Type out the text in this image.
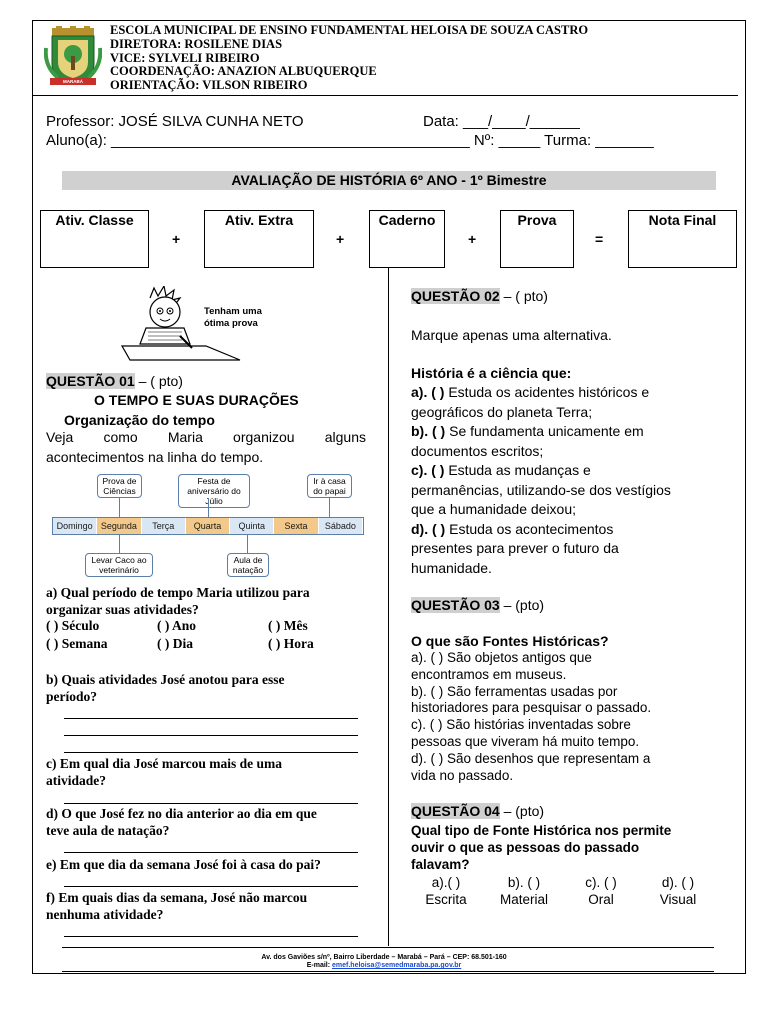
MARABÁ
ESCOLA MUNICIPAL DE ENSINO FUNDAMENTAL HELOISA DE SOUZA CASTRO
DIRETORA: ROSILENE DIAS
VICE: SYLVELI RIBEIRO
COORDENAÇÃO: ANAZION ALBUQUERQUE
ORIENTAÇÃO: VILSON RIBEIRO
Professor: JOSÉ SILVA CUNHA NETO	Data: ___/____/______
Aluno(a): ___________________________________________ Nº: _____ Turma: _______
AVALIAÇÃO DE HISTÓRIA 6º ANO - 1º Bimestre
Ativ. Classe
+
Ativ. Extra
+
Caderno
+
Prova
=
Nota Final
Tenham uma
ótima prova
QUESTÃO 01 – ( pto)
O TEMPO E SUAS DURAÇÕES
Organização do tempo
Veja como Maria organizou alguns
acontecimentos na linha do tempo.
Prova de Ciências
Festa de aniversário do Júlio
Ir à casa do papai
Domingo Segunda	Terça	Quarta	Quinta	Sexta	Sábado
Levar Caco ao veterinário
Aula de natação
a) Qual período de tempo Maria utilizou para
organizar suas atividades?
( ) Século	( ) Ano	( ) Mês
( ) Semana	( ) Dia	( ) Hora
b) Quais atividades José anotou para esse
período?
c) Em qual dia José marcou mais de uma
atividade?
d) O que José fez no dia anterior ao dia em que
teve aula de natação?
e) Em que dia da semana José foi à casa do pai?
f) Em quais dias da semana, José não marcou
nenhuma atividade?
QUESTÃO 02 – ( pto)
Marque apenas uma alternativa.
História é a ciência que:
a). ( ) Estuda os acidentes históricos e
geográficos do planeta Terra;
b). ( ) Se fundamenta unicamente em
documentos escritos;
c). ( ) Estuda as mudanças e
permanências, utilizando-se dos vestígios
que a humanidade deixou;
d). ( ) Estuda os acontecimentos
presentes para prever o futuro da
humanidade.
QUESTÃO 03 – (pto)
O que são Fontes Históricas?
a). ( ) São objetos antigos que
encontramos em museus.
b). ( ) São ferramentas usadas por
historiadores para pesquisar o passado.
c). ( ) São histórias inventadas sobre
pessoas que viveram há muito tempo.
d). ( ) São desenhos que representam a
vida no passado.
QUESTÃO 04 – (pto)
Qual tipo de Fonte Histórica nos permite
ouvir o que as pessoas do passado
falavam?
a).( )
Escrita
b). ( )
Material
c). ( )
Oral
d). ( )
Visual
Av. dos Gaviões s/nº, Bairro Liberdade – Marabá – Pará – CEP: 68.501-160
E-mail: emef.heloisa@semedmaraba.pa.gov.br
